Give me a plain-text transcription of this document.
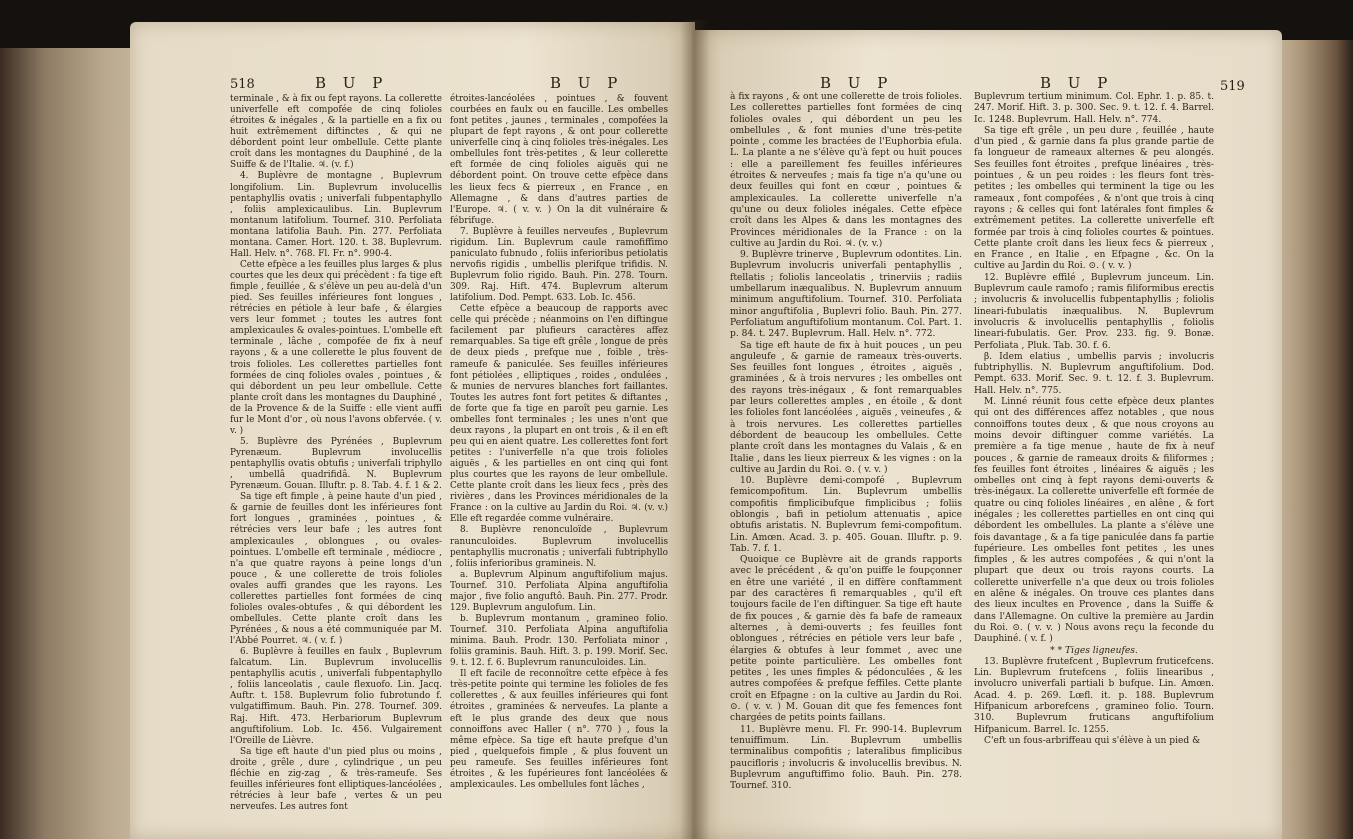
518	B U P	B U P

terminale , & à fix ou fept rayons. La collerette univerfelle eft compofée de cinq folioles étroites & inégales , & la partielle en a fix ou huit extrêmement diftinctes , & qui ne débordent point leur ombellule. Cette plante croît dans les montagnes du Dauphiné , de la Suiffe & de l'Italie. ♃. (v. f.)

4. Buplèvre de montagne , Buplevrum longifolium. Lin. Buplevrum involucellis pentaphyllis ovatis ; univerfali fubpentaphyllo , foliis amplexicaulibus. Lin. Buplevrum montanum latifolium. Tournef. 310. Perfoliata montana latifolia Bauh. Pin. 277. Perfoliata montana. Camer. Hort. 120. t. 38. Buplevrum. Hall. Helv. n°. 768. Fl. Fr. n°. 990-4.

Cette efpèce a les feuilles plus larges & plus courtes que les deux qui précèdent : fa tige eft fimple , feuillée , & s'élève un peu au-delà d'un pied. Ses feuilles inférieures font longues , rétrécies en pétiole à leur bafe , & élargies vers leur fommet ; toutes les autres font amplexicaules & ovales-pointues. L'ombelle eft terminale , lâche , compofée de fix à neuf rayons , & a une collerette le plus fouvent de trois folioles. Les collerettes partielles font formées de cinq folioles ovales , pointues , & qui débordent un peu leur ombellule. Cette plante croît dans les montagnes du Dauphiné , de la Provence & de la Suiffe : elle vient auffi fur le Mont d'or , où nous l'avons obfervée. ( v. v. )

5. Buplèvre des Pyrénées , Buplevrum Pyrenæum. Buplevrum involucellis pentaphyllis ovatis obtufis ; univerfali triphyllo , umbellâ quadrifidâ. N. Buplevrum Pyrenæum. Gouan. Illuftr. p. 8. Tab. 4. f. 1 & 2.

Sa tige eft fimple , à peine haute d'un pied , & garnie de feuilles dont les inférieures font fort longues , graminées , pointues , & rétrécies vers leur bafe ; les autres font amplexicaules , oblongues , ou ovales-pointues. L'ombelle eft terminale , médiocre , n'a que quatre rayons à peine longs d'un pouce , & une collerette de trois folioles ovales auffi grandes que les rayons. Les collerettes partielles font formées de cinq folioles ovales-obtufes , & qui débordent les ombellules. Cette plante croît dans les Pyrénées , & nous a été communiquée par M. l'Abbé Pourret. ♃. ( v. f. )

6. Buplèvre à feuilles en faulx , Buplevrum falcatum. Lin. Buplevrum involucellis pentaphyllis acutis , univerfali fubpentaphyllo , foliis lanceolatis , caule flexuofo. Lin. Jacq. Auftr. t. 158. Buplevrum folio fubrotundo f. vulgatiffimum. Bauh. Pin. 278. Tournef. 309. Raj. Hift. 473. Herbariorum Buplevrum anguftifolium. Lob. Ic. 456. Vulgairement l'Oreille de Lièvre.

Sa tige eft haute d'un pied plus ou moins , droite , grêle , dure , cylindrique , un peu fléchie en zig-zag , & très-rameufe. Ses feuilles inférieures font elliptiques-lancéolées , rétrécies à leur bafe , vertes & un peu nerveufes. Les autres font

étroites-lancéolées , pointues , & fouvent courbées en faulx ou en faucille. Les ombelles font petites , jaunes , terminales , compofées la plupart de fept rayons , & ont pour collerette univerfelle cinq à cinq folioles très-inégales. Les ombellules font très-petites , & leur collerette eft formée de cinq folioles aiguës qui ne débordent point. On trouve cette efpèce dans les lieux fecs & pierreux , en France , en Allemagne , & dans d'autres parties de l'Europe. ♃. ( v. v. ) On la dit vulnéraire & fébrifuge.

7. Buplèvre à feuilles nerveufes , Buplevrum rigidum. Lin. Buplevrum caule ramofiffimo paniculato fubnudo , foliis inferioribus petiolatis nervofis rigidis , umbellis plerifque trifidis. N. Buplevrum folio rigido. Bauh. Pin. 278. Tourn. 309. Raj. Hift. 474. Buplevrum alterum latifolium. Dod. Pempt. 633. Lob. Ic. 456.

Cette efpèce a beaucoup de rapports avec celle qui précède ; néanmoins on l'en diftingue facilement par plufieurs caractères affez remarquables. Sa tige eft grêle , longue de près de deux pieds , prefque nue , foible , très-rameufe & paniculée. Ses feuilles inférieures font pétiolées , elliptiques , roides , ondulées , & munies de nervures blanches fort faillantes. Toutes les autres font fort petites & diftantes , de forte que fa tige en paroît peu garnie. Les ombelles font terminales ; les unes n'ont que deux rayons , la plupart en ont trois , & il en eft peu qui en aient quatre. Les collerettes font fort petites : l'univerfelle n'a que trois folioles aiguës , & les partielles en ont cinq qui font plus courtes que les rayons de leur ombellule. Cette plante croît dans les lieux fecs , près des rivières , dans les Provinces méridionales de la France : on la cultive au Jardin du Roi. ♃. (v. v.) Elle eft regardée comme vulnéraire.

8. Buplèvre renonculoïde , Buplevrum ranunculoides. Buplevrum involucellis pentaphyllis mucronatis ; univerfali fubtriphyllo , foliis inferioribus gramineis. N.

a. Buplevrum Alpinum anguftifolium majus. Tournef. 310. Perfoliata Alpina anguftifolia major , five folio anguftô. Bauh. Pin. 277. Prodr. 129. Buplevrum angulofum. Lin.

b. Buplevrum montanum , gramineo folio. Tournef. 310. Perfoliata Alpina anguftifolia minima. Bauh. Prodr. 130. Perfoliata minor , foliis graminis. Bauh. Hift. 3. p. 199. Morif. Sec. 9. t. 12. f. 6. Buplevrum ranunculoides. Lin.

Il eft facile de reconnoître cette efpèce à fes très-petite pointe qui termine les folioles de fes collerettes , & aux feuilles inférieures qui font étroites , graminées & nerveufes. La plante a eft le plus grande des deux que nous connoiffons avec Haller ( n°. 770 ) , fous la même efpèce. Sa tige eft haute prefque d'un pied , quelquefois fimple , & plus fouvent un peu rameufe. Ses feuilles inférieures font étroites , & les fupérieures font lancéolées & amplexicaules. Les ombellules font lâches ,

B U P	B U P	519

à fix rayons , & ont une collerette de trois folioles. Les collerettes partielles font formées de cinq folioles ovales , qui débordent un peu les ombellules , & font munies d'une très-petite pointe , comme les bractées de l'Euphorbia efula. L. La plante a ne s'élève qu'à fept ou huit pouces : elle a pareillement fes feuilles inférieures étroites & nerveufes ; mais fa tige n'a qu'une ou deux feuilles qui font en cœur , pointues & amplexicaules. La collerette univerfelle n'a qu'une ou deux folioles inégales. Cette efpèce croît dans les Alpes & dans les montagnes des Provinces méridionales de la France : on la cultive au Jardin du Roi. ♃. (v. v.)

9. Buplèvre trinerve , Buplevrum odontites. Lin. Buplevrum involucris univerfali pentaphyllis , ftellatis ; foliolis lanceolatis , trinerviis ; radiis umbellarum inæqualibus. N. Buplevrum annuum minimum anguftifolium. Tournef. 310. Perfoliata minor anguftifolia , Buplevri folio. Bauh. Pin. 277. Perfoliatum anguftifolium montanum. Col. Part. 1. p. 84. t. 247. Buplevrum. Hall. Helv. n°. 772.

Sa tige eft haute de fix à huit pouces , un peu anguleufe , & garnie de rameaux très-ouverts. Ses feuilles font longues , étroites , aiguës , graminées , & à trois nervures ; les ombelles ont des rayons très-inégaux , & font remarquables par leurs collerettes amples , en étoile , & dont les folioles font lancéolées , aiguës , veineufes , & à trois nervures. Les collerettes partielles débordent de beaucoup les ombellules. Cette plante croît dans les montagnes du Valais , & en Italie , dans les lieux pierreux & les vignes : on la cultive au Jardin du Roi. ⊙. ( v. v. )

10. Buplèvre demi-compofé , Buplevrum femicompofitum. Lin. Buplevrum umbellis compofitis fimplicibufque fimplicibus ; foliis oblongis , bafi in petiolum attenuatis , apice obtufis aristatis. N. Buplevrum femi-compofitum. Lin. Amœn. Acad. 3. p. 405. Gouan. Illuftr. p. 9. Tab. 7. f. 1.

Quoique ce Buplèvre ait de grands rapports avec le précédent , & qu'on puiffe le foupçonner en être une variété , il en diffère conftamment par des caractères fi remarquables , qu'il eft toujours facile de l'en diftinguer. Sa tige eft haute de fix pouces , & garnie dès fa bafe de rameaux alternes , à demi-ouverts ; fes feuilles font oblongues , rétrécies en pétiole vers leur bafe , élargies & obtufes à leur fommet , avec une petite pointe particulière. Les ombelles font petites , les unes fimples & pédonculées , & les autres compofées & prefque feffiles. Cette plante croît en Efpagne : on la cultive au Jardin du Roi. ⊙. ( v. v. ) M. Gouan dit que fes femences font chargées de petits points faillans.

11. Buplèvre menu. Fl. Fr. 990-14. Buplevrum tenuiffimum. Lin. Buplevrum umbellis terminalibus compofitis ; lateralibus fimplicibus paucifloris ; involucris & involucellis brevibus. N. Buplevrum anguftiffimo folio. Bauh. Pin. 278. Tournef. 310.

Buplevrum tertium minimum. Col. Ephr. 1. p. 85. t. 247. Morif. Hift. 3. p. 300. Sec. 9. t. 12. f. 4. Barrel. Ic. 1248. Buplevrum. Hall. Helv. n°. 774.

Sa tige eft grêle , un peu dure , feuillée , haute d'un pied , & garnie dans fa plus grande partie de fa longueur de rameaux alternes & peu alongés. Ses feuilles font étroites , prefque linéaires , très-pointues , & un peu roides : les fleurs font très-petites ; les ombelles qui terminent la tige ou les rameaux , font compofées , & n'ont que trois à cinq rayons ; & celles qui font latérales font fimples & extrêmement petites. La collerette univerfelle eft formée par trois à cinq folioles courtes & pointues. Cette plante croît dans les lieux fecs & pierreux , en France , en Italie , en Efpagne , &c. On la cultive au Jardin du Roi. ⊙. ( v. v. )

12. Buplèvre effilé , Buplevrum junceum. Lin. Buplevrum caule ramofo ; ramis filiformibus erectis ; involucris & involucellis fubpentaphyllis ; foliolis lineari-fubulatis inæqualibus. N. Buplevrum involucris & involucellis pentaphyllis , foliolis lineari-fubulatis. Ger. Prov. 233. fig. 9. Bonæ. Perfoliata , Pluk. Tab. 30. f. 6.

β. Idem elatius , umbellis parvis ; involucris fubtriphyllis. N. Buplevrum anguftifolium. Dod. Pempt. 633. Morif. Sec. 9. t. 12. f. 3. Buplevrum. Hall. Helv. n°. 775.

M. Linné réunit fous cette efpèce deux plantes qui ont des différences affez notables , que nous connoiffons toutes deux , & que nous croyons au moins devoir diftinguer comme variétés. La première a fa tige menue , haute de fix à neuf pouces , & garnie de rameaux droits & filiformes ; fes feuilles font étroites , linéaires & aiguës ; les ombelles ont cinq à fept rayons demi-ouverts & très-inégaux. La collerette univerfelle eft formée de quatre ou cinq folioles linéaires , en alêne , & fort inégales ; les collerettes partielles en ont cinq qui débordent les ombellules. La plante a s'élève une fois davantage , & a fa tige paniculée dans fa partie fupérieure. Les ombelles font petites , les unes fimples , & les autres compofées , & qui n'ont la plupart que deux ou trois rayons courts. La collerette univerfelle n'a que deux ou trois folioles en alêne & inégales. On trouve ces plantes dans des lieux incultes en Provence , dans la Suiffe & dans l'Allemagne. On cultive la première au Jardin du Roi. ⊙. ( v. v. ) Nous avons reçu la feconde du Dauphiné. ( v. f. )

* * Tiges ligneufes.

13. Buplèvre frutefcent , Buplevrum fruticefcens. Lin. Buplevrum frutefcens , foliis linearibus , involucro univerfali partiali b bufque. Lin. Amœn. Acad. 4. p. 269. Lœfl. it. p. 188. Buplevrum Hifpanicum arborefcens , gramineo folio. Tourn. 310. Buplevrum fruticans anguftifolium Hifpanicum. Barrel. Ic. 1255.

C'eft un fous-arbriffeau qui s'élève à un pied &
